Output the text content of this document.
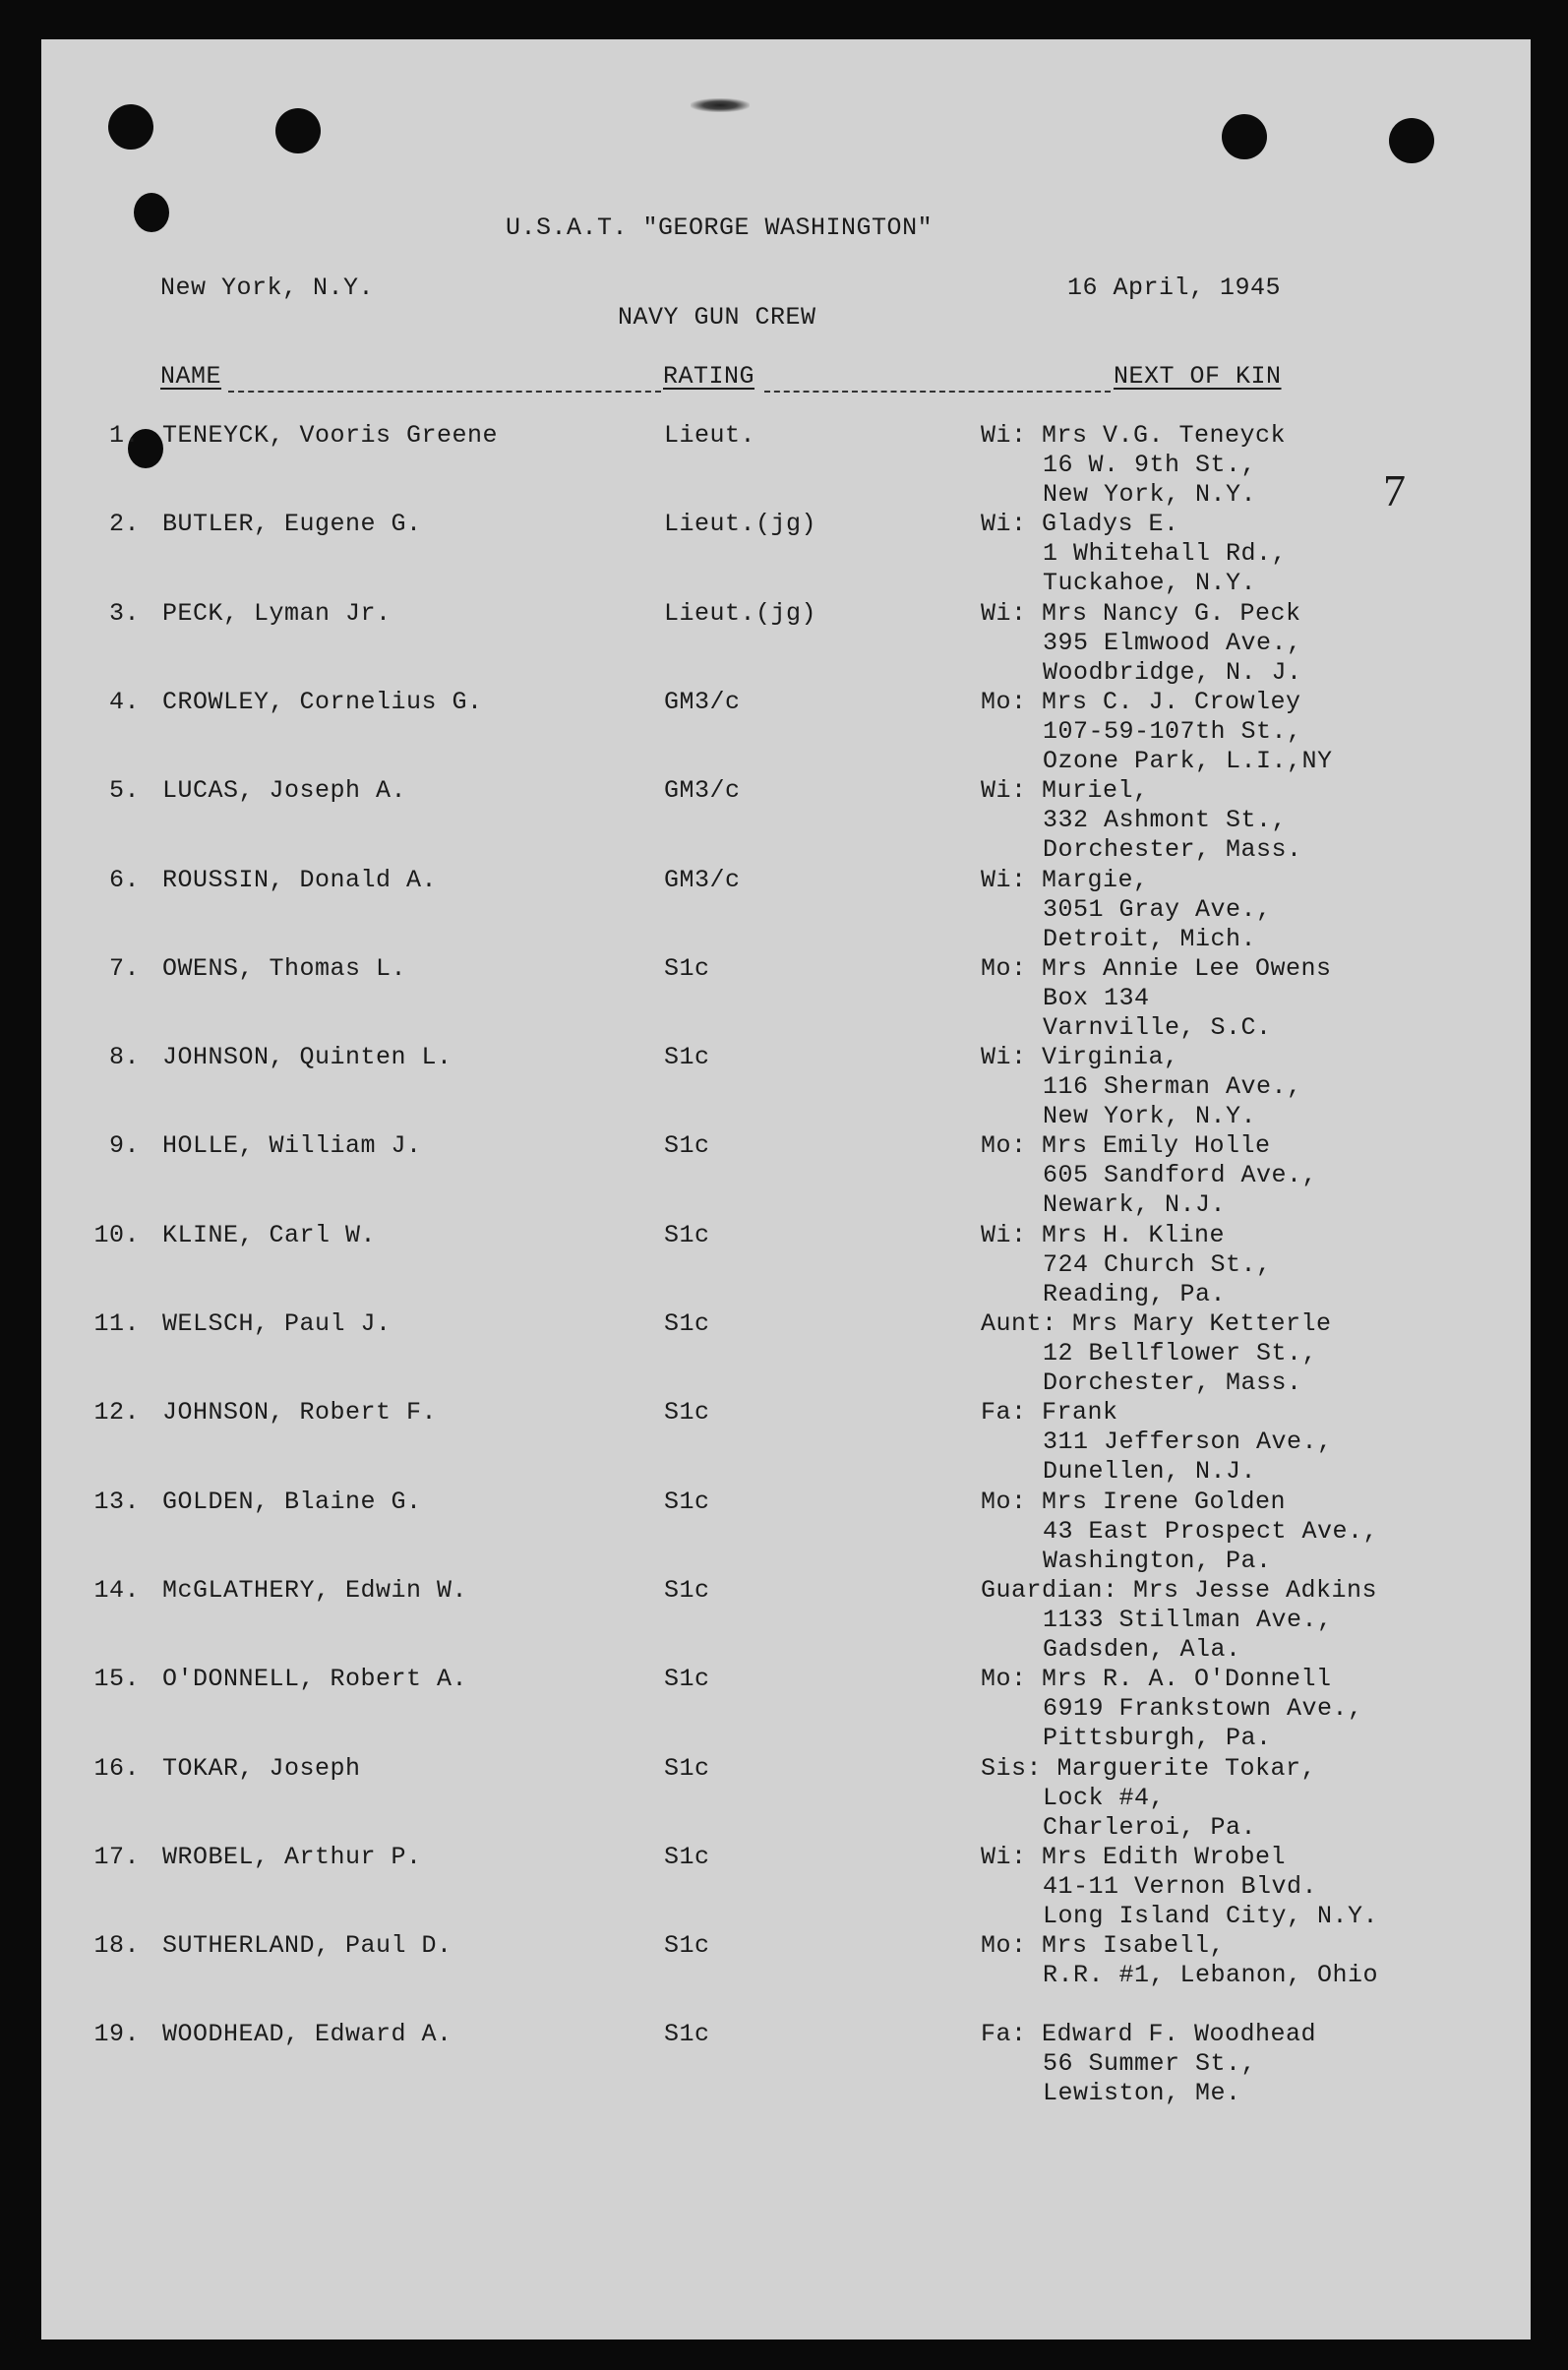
U.S.A.T. "GEORGE WASHINGTON"
New York, N.Y.	16 April, 1945
NAVY GUN CREW
NAME	RATING	NEXT OF KIN
7
1. TENEYCK, Vooris Greene	Lieut.	Wi: Mrs V.G. Teneyck
16 W. 9th St.,
New York, N.Y.
2. BUTLER, Eugene G.	Lieut.(jg)	Wi: Gladys E.
1 Whitehall Rd.,
Tuckahoe, N.Y.
3. PECK, Lyman Jr.	Lieut.(jg)	Wi: Mrs Nancy G. Peck
395 Elmwood Ave.,
Woodbridge, N. J.
4. CROWLEY, Cornelius G.	GM3/c	Mo: Mrs C. J. Crowley
107-59-107th St.,
Ozone Park, L.I.,NY
5. LUCAS, Joseph A.	GM3/c	Wi: Muriel,
332 Ashmont St.,
Dorchester, Mass.
6. ROUSSIN, Donald A.	GM3/c	Wi: Margie,
3051 Gray Ave.,
Detroit, Mich.
7. OWENS, Thomas L.	S1c	Mo: Mrs Annie Lee Owens
Box 134
Varnville, S.C.
8. JOHNSON, Quinten L.	S1c	Wi: Virginia,
116 Sherman Ave.,
New York, N.Y.
9. HOLLE, William J.	S1c	Mo: Mrs Emily Holle
605 Sandford Ave.,
Newark, N.J.
10. KLINE, Carl W.	S1c	Wi: Mrs H. Kline
724 Church St.,
Reading, Pa.
11. WELSCH, Paul J.	S1c	Aunt: Mrs Mary Ketterle
12 Bellflower St.,
Dorchester, Mass.
12. JOHNSON, Robert F.	S1c	Fa: Frank
311 Jefferson Ave.,
Dunellen, N.J.
13. GOLDEN, Blaine G.	S1c	Mo: Mrs Irene Golden
43 East Prospect Ave.,
Washington, Pa.
14. McGLATHERY, Edwin W.	S1c	Guardian: Mrs Jesse Adkins
1133 Stillman Ave.,
Gadsden, Ala.
15. O'DONNELL, Robert A.	S1c	Mo: Mrs R. A. O'Donnell
6919 Frankstown Ave.,
Pittsburgh, Pa.
16. TOKAR, Joseph	S1c	Sis: Marguerite Tokar,
Lock #4,
Charleroi, Pa.
17. WROBEL, Arthur P.	S1c	Wi: Mrs Edith Wrobel
41-11 Vernon Blvd.
Long Island City, N.Y.
18. SUTHERLAND, Paul D.	S1c	Mo: Mrs Isabell,
R.R. #1, Lebanon, Ohio
19. WOODHEAD, Edward A.	S1c	Fa: Edward F. Woodhead
56 Summer St.,
Lewiston, Me.
